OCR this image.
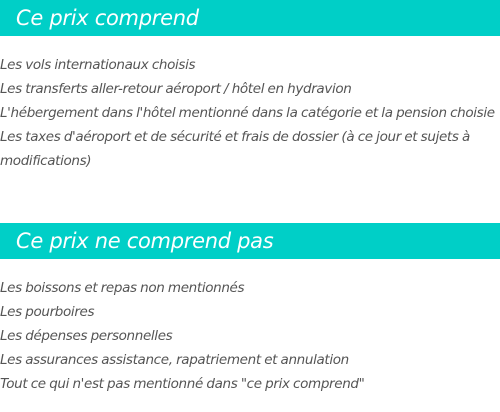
Ce prix comprend
Les vols internationaux choisis
Les transferts aller-retour aéroport / hôtel en hydravion
L'hébergement dans l'hôtel mentionné dans la catégorie et la pension choisie
Les taxes d'aéroport et de sécurité et frais de dossier (à ce jour et sujets à modifications)
Ce prix ne comprend pas
Les boissons et repas non mentionnés
Les pourboires
Les dépenses personnelles
Les assurances assistance, rapatriement et annulation
Tout ce qui n'est pas mentionné dans "ce prix comprend"
